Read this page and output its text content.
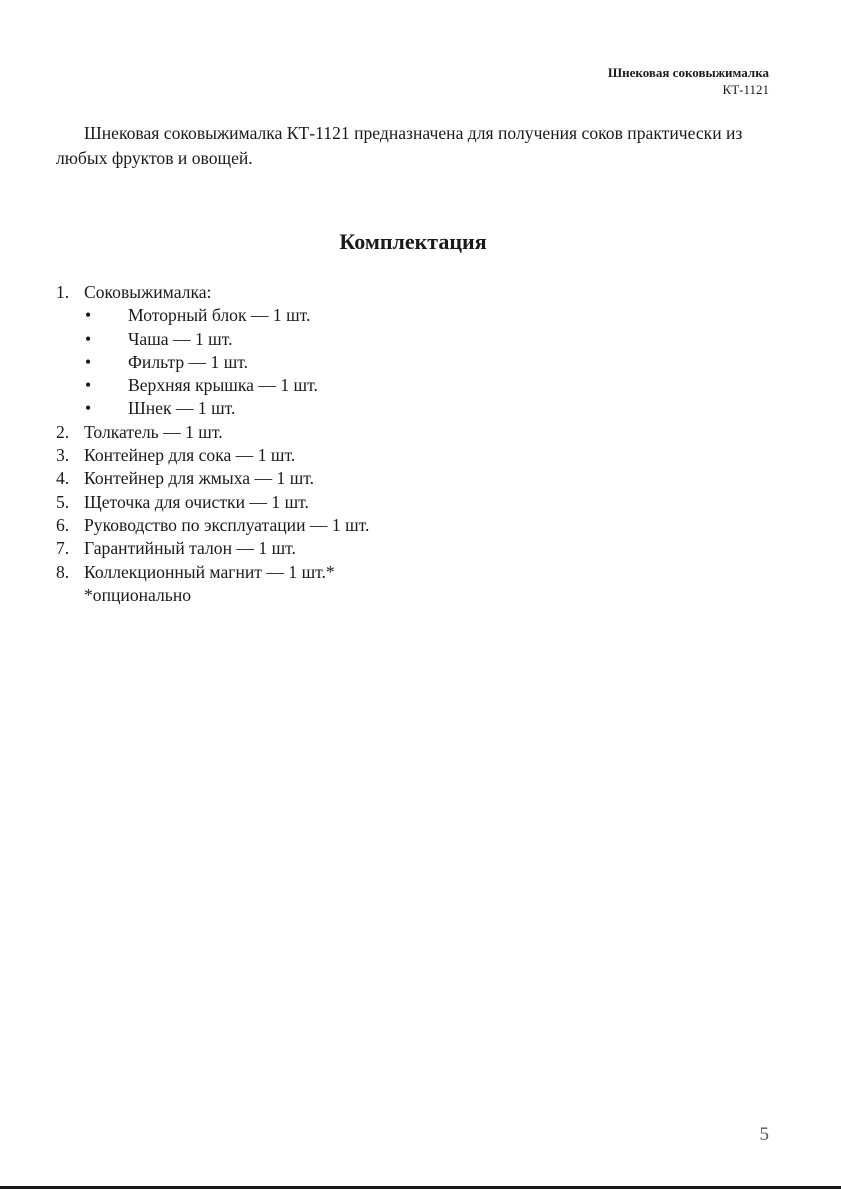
Шнековая соковыжималка
КТ-1121

Шнековая соковыжималка КТ-1121 предназначена для получения соков практически из любых фруктов и овощей.

Комплектация
1. Соковыжималка:
• Моторный блок — 1 шт.
• Чаша — 1 шт.
• Фильтр — 1 шт.
• Верхняя крышка — 1 шт.
• Шнек — 1 шт.
2. Толкатель — 1 шт.
3. Контейнер для сока — 1 шт.
4. Контейнер для жмыха — 1 шт.
5. Щеточка для очистки — 1 шт.
6. Руководство по эксплуатации — 1 шт.
7. Гарантийный талон — 1 шт.
8. Коллекционный магнит — 1 шт.*
*опционально
5
